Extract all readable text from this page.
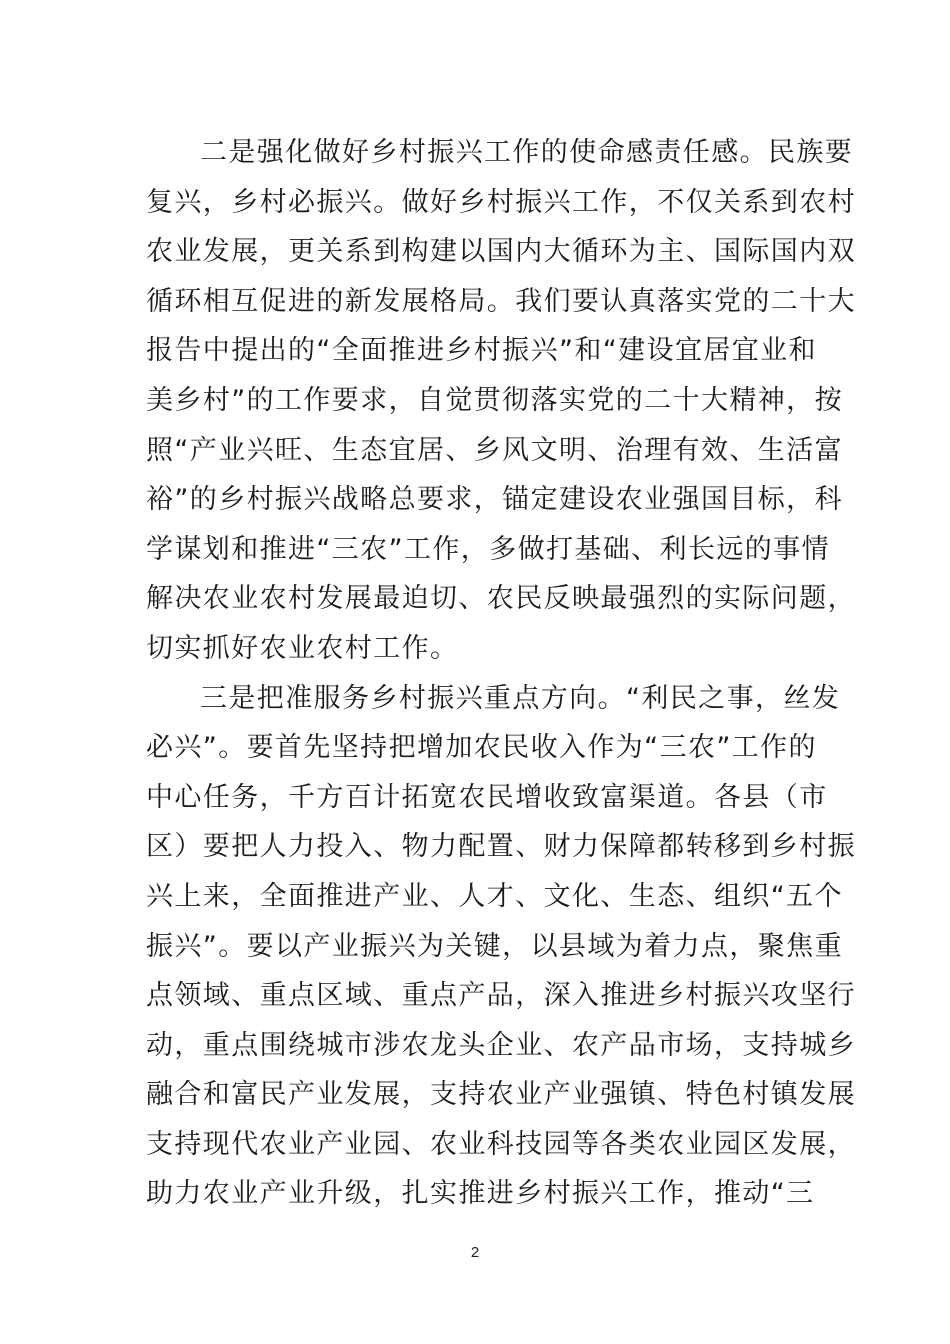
二是强化做好乡村振兴工作的使命感责任感。民族要
复兴，乡村必振兴。做好乡村振兴工作，不仅关系到农村
农业发展，更关系到构建以国内大循环为主、国际国内双
循环相互促进的新发展格局。我们要认真落实党的二十大
报告中提出的“全面推进乡村振兴”和“建设宜居宜业和
美乡村”的工作要求，自觉贯彻落实党的二十大精神，按
照“产业兴旺、生态宜居、乡风文明、治理有效、生活富
裕”的乡村振兴战略总要求，锚定建设农业强国目标，科
学谋划和推进“三农”工作，多做打基础、利长远的事情
解决农业农村发展最迫切、农民反映最强烈的实际问题，
切实抓好农业农村工作。
三是把准服务乡村振兴重点方向。“利民之事，丝发
必兴”。要首先坚持把增加农民收入作为“三农”工作的
中心任务，千方百计拓宽农民增收致富渠道。各县（市
区）要把人力投入、物力配置、财力保障都转移到乡村振
兴上来，全面推进产业、人才、文化、生态、组织“五个
振兴”。要以产业振兴为关键，以县域为着力点，聚焦重
点领域、重点区域、重点产品，深入推进乡村振兴攻坚行
动，重点围绕城市涉农龙头企业、农产品市场，支持城乡
融合和富民产业发展，支持农业产业强镇、特色村镇发展
支持现代农业产业园、农业科技园等各类农业园区发展，
助力农业产业升级，扎实推进乡村振兴工作，推动“三
2
